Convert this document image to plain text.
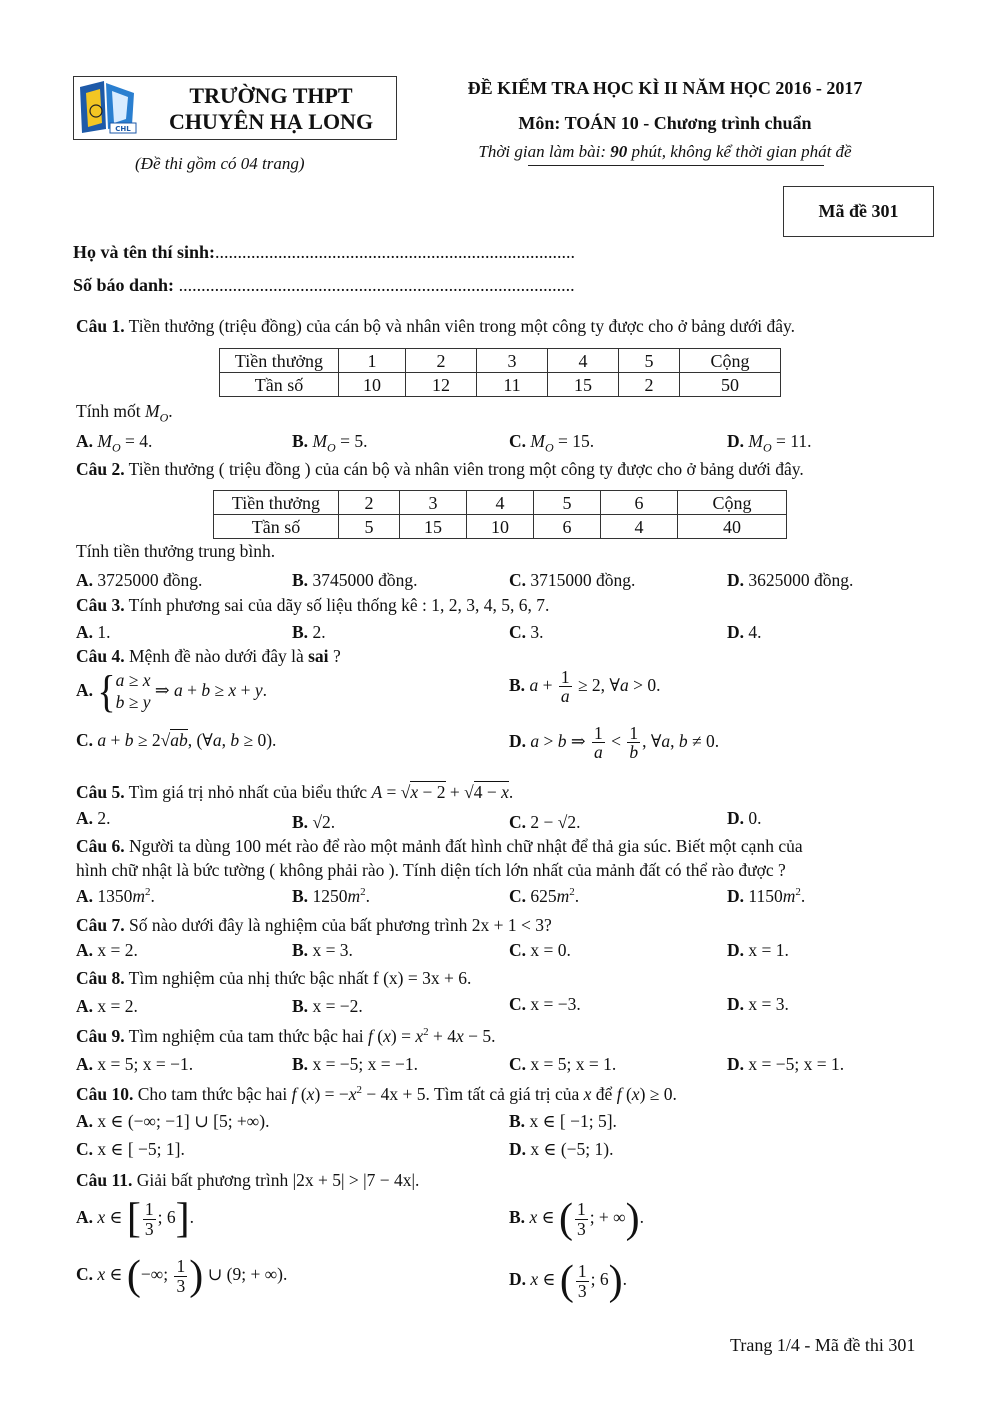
CHL
TRƯỜNG THPT
CHUYÊN HẠ LONG
(Đề thi gồm có 04 trang)
ĐỀ KIỂM TRA HỌC KÌ II NĂM HỌC 2016 - 2017
Môn: TOÁN 10 - Chương trình chuẩn
Thời gian làm bài: 90 phút, không kể thời gian phát đề
Mã đề 301
Họ và tên thí sinh:................................................................................
Số báo danh: ........................................................................................
Câu 1. Tiền thưởng (triệu đồng) của cán bộ và nhân viên trong một công ty được cho ở bảng dưới đây.
Tiền thưởng	1	2	3	4	5	Cộng
Tần số	10	12	11	15	2	50
Tính mốt $M_O$.
A. $M_O = 4$.	B. $M_O = 5$.	C. $M_O = 15$.	D. $M_O = 11$.
Câu 2. Tiền thưởng ( triệu đồng ) của cán bộ và nhân viên trong một công ty được cho ở bảng dưới đây.
Tiền thưởng	2	3	4	5	6	Cộng
Tần số	5	15	10	6	4	40
Tính tiền thưởng trung bình.
A. 3725000 đồng.	B. 3745000 đồng.	C. 3715000 đồng.	D. 3625000 đồng.
Câu 3. Tính phương sai của dãy số liệu thống kê : 1, 2, 3, 4, 5, 6, 7.
A. 1.	B. 2.	C. 3.	D. 4.
Câu 4. Mệnh đề nào dưới đây là sai ?
A. { a ≥ x
b ≥ y
⇒ a + b ≥ x + y.	B. $a + \frac{1}{a} \ge 2$, ∀a > 0.
C. a + b ≥ 2√ab, (∀a, b ≥ 0).	D. a > b ⇒ $\frac{1}{a} < \frac{1}{b}$ , ∀a, b ≠ 0.
Câu 5. Tìm giá trị nhỏ nhất của biểu thức A = √x − 2 + √4 − x.
A. 2.	B. √2.	C. 2 − √2.	D. 0.
Câu 6. Người ta dùng 100 mét rào để rào một mảnh đất hình chữ nhật để thả gia súc. Biết một cạnh của
hình chữ nhật là bức tường ( không phải rào ). Tính diện tích lớn nhất của mảnh đất có thể rào được ?
A. $1350m^2$.	B. $1250m^2$.	C. $625m^2$.	D. $1150m^2$.
Câu 7. Số nào dưới đây là nghiệm của bất phương trình 2x + 1 < 3?
A. x = 2.	B. x = 3.	C. x = 0.	D. x = 1.
Câu 8. Tìm nghiệm của nhị thức bậc nhất f (x) = 3x + 6.
A. x = 2.	B. x = −2.	C. x = −3.	D. x = 3.
Câu 9. Tìm nghiệm của tam thức bậc hai f $(x) = x^2 + 4x - 5$.
A. x = 5; x = −1.	B. x = −5; x = −1.	C. x = 5; x = 1.	D. x = −5; x = 1.
Câu 10. Cho tam thức bậc hai f $(x) = -x^2 - 4x + 5$. Tìm tất cả giá trị của x để f (x) ≥ 0.
A. x ∈ (−∞; −1] ∪ [5; +∞).	B. x ∈ [ −1; 5].
C. x ∈ [ −5; 1].	D. x ∈ (−5; 1).
Câu 11. Giải bất phương trình |2x + 5| > |7 − 4x|.
A. x ∈ [ $\frac{1}{3}$ ; 6].	B. x ∈ ( $\frac{1}{3}$ ; + ∞).
C. x ∈ (−∞; $\frac{1}{3}$ ) ∪ (9; + ∞).	D. x ∈ ( $\frac{1}{3}$ ; 6).
Trang 1/4 - Mã đề thi 301
